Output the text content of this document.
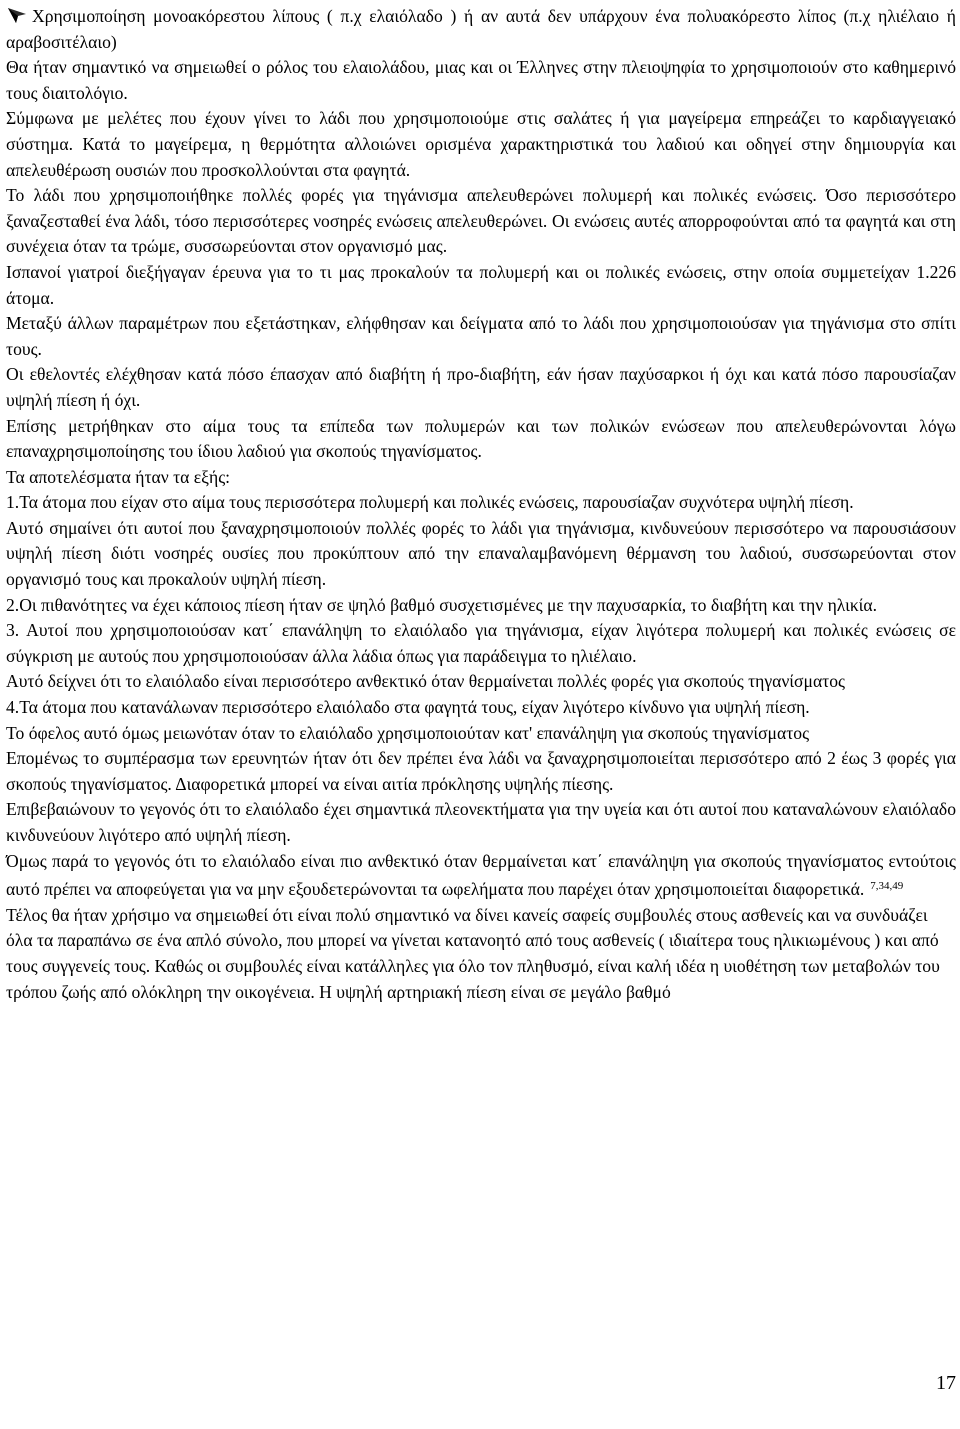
Χρησιμοποίηση μονοακόρεστου λίπους ( π.χ ελαιόλαδο ) ή αν αυτά δεν υπάρχουν ένα πολυακόρεστο λίπος (π.χ ηλιέλαιο ή αραβοσιτέλαιο)

Θα ήταν σημαντικό να σημειωθεί ο ρόλος του ελαιολάδου, μιας και οι Έλληνες στην πλειοψηφία το χρησιμοποιούν στο καθημερινό τους διαιτολόγιο.

Σύμφωνα με μελέτες που έχουν γίνει το λάδι που χρησιμοποιούμε στις σαλάτες ή για μαγείρεμα επηρεάζει το καρδιαγγειακό σύστημα. Κατά το μαγείρεμα, η θερμότητα αλλοιώνει ορισμένα χαρακτηριστικά του λαδιού και οδηγεί στην δημιουργία και απελευθέρωση ουσιών που προσκολλούνται στα φαγητά.

Το λάδι που χρησιμοποιήθηκε πολλές φορές για τηγάνισμα απελευθερώνει πολυμερή και πολικές ενώσεις. Όσο περισσότερο ξαναζεσταθεί ένα λάδι, τόσο περισσότερες νοσηρές ενώσεις απελευθερώνει. Οι ενώσεις αυτές απορροφούνται από τα φαγητά και στη συνέχεια όταν τα τρώμε, συσσωρεύονται στον οργανισμό μας.

Ισπανοί γιατροί διεξήγαγαν έρευνα για το τι μας προκαλούν τα πολυμερή και οι πολικές ενώσεις, στην οποία συμμετείχαν 1.226 άτομα.

Μεταξύ άλλων παραμέτρων που εξετάστηκαν, ελήφθησαν και δείγματα από το λάδι που χρησιμοποιούσαν για τηγάνισμα στο σπίτι τους.

Οι εθελοντές ελέχθησαν κατά πόσο έπασχαν από διαβήτη ή προ-διαβήτη, εάν ήσαν παχύσαρκοι ή όχι και κατά πόσο παρουσίαζαν υψηλή πίεση ή όχι.

Επίσης μετρήθηκαν στο αίμα τους τα επίπεδα των πολυμερών και των πολικών ενώσεων που απελευθερώνονται λόγω επαναχρησιμοποίησης του ίδιου λαδιού για σκοπούς τηγανίσματος.

Τα αποτελέσματα ήταν τα εξής:

1.Τα άτομα που είχαν στο αίμα τους περισσότερα πολυμερή και πολικές ενώσεις, παρουσίαζαν συχνότερα υψηλή πίεση.

Αυτό σημαίνει ότι αυτοί που ξαναχρησιμοποιούν πολλές φορές το λάδι για τηγάνισμα, κινδυνεύουν περισσότερο να παρουσιάσουν υψηλή πίεση διότι νοσηρές ουσίες που προκύπτουν από την επαναλαμβανόμενη θέρμανση του λαδιού, συσσωρεύονται στον οργανισμό τους και προκαλούν υψηλή πίεση.

2.Οι πιθανότητες να έχει κάποιος πίεση ήταν σε ψηλό βαθμό συσχετισμένες με την παχυσαρκία, το διαβήτη και την ηλικία.

3. Αυτοί που χρησιμοποιούσαν κατ΄ επανάληψη το ελαιόλαδο για τηγάνισμα, είχαν λιγότερα πολυμερή και πολικές ενώσεις σε σύγκριση με αυτούς που χρησιμοποιούσαν άλλα λάδια όπως για παράδειγμα το ηλιέλαιο.

Αυτό δείχνει ότι το ελαιόλαδο είναι περισσότερο ανθεκτικό όταν θερμαίνεται πολλές φορές για σκοπούς τηγανίσματος

4.Τα άτομα που κατανάλωναν περισσότερο ελαιόλαδο στα φαγητά τους, είχαν λιγότερο κίνδυνο για υψηλή πίεση.

Το όφελος αυτό όμως μειωνόταν όταν το ελαιόλαδο χρησιμοποιούταν κατ' επανάληψη για σκοπούς τηγανίσματος

Επομένως το συμπέρασμα των ερευνητών ήταν ότι δεν πρέπει ένα λάδι να ξαναχρησιμοποιείται περισσότερο από 2 έως 3 φορές για σκοπούς τηγανίσματος. Διαφορετικά μπορεί να είναι αιτία πρόκλησης υψηλής πίεσης.

Επιβεβαιώνουν το γεγονός ότι το ελαιόλαδο έχει σημαντικά πλεονεκτήματα για την υγεία και ότι αυτοί που καταναλώνουν ελαιόλαδο κινδυνεύουν λιγότερο από υψηλή πίεση.

Όμως παρά το γεγονός ότι το ελαιόλαδο είναι πιο ανθεκτικό όταν θερμαίνεται κατ΄ επανάληψη για σκοπούς τηγανίσματος εντούτοις αυτό πρέπει να αποφεύγεται για να μην εξουδετερώνονται τα ωφελήματα που παρέχει όταν χρησιμοποιείται διαφορετικά. $^{7,34,49}$

Τέλος θα ήταν χρήσιμο να σημειωθεί ότι είναι πολύ σημαντικό να δίνει κανείς σαφείς συμβουλές στους ασθενείς και να συνδυάζει όλα τα παραπάνω σε ένα απλό σύνολο, που μπορεί να γίνεται κατανοητό από τους ασθενείς ( ιδιαίτερα τους ηλικιωμένους ) και από τους συγγενείς τους. Καθώς οι συμβουλές είναι κατάλληλες για όλο τον πληθυσμό, είναι καλή ιδέα η υιοθέτηση των μεταβολών του τρόπου ζωής από ολόκληρη την οικογένεια. Η υψηλή αρτηριακή πίεση είναι σε μεγάλο βαθμό

17
